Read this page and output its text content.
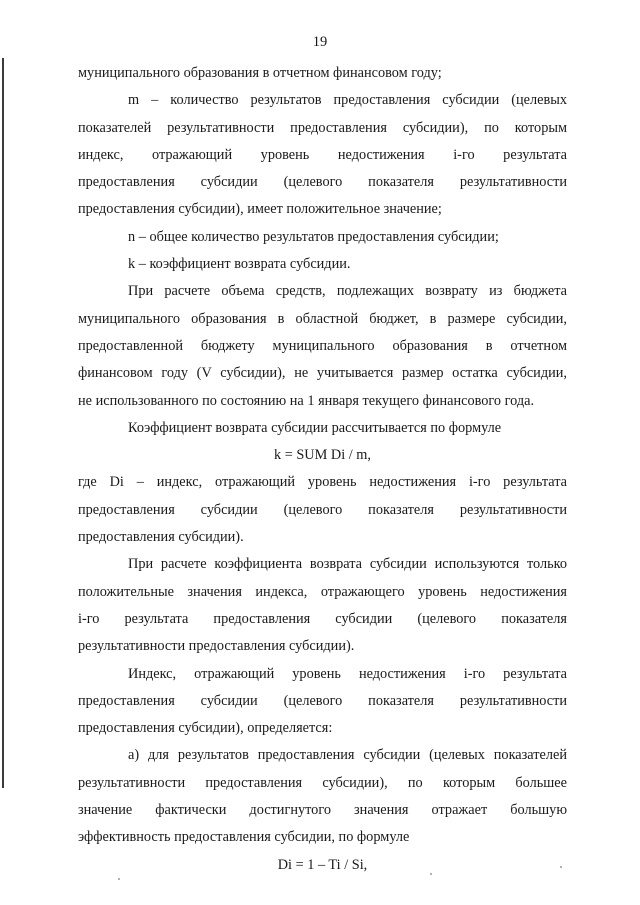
19
муниципального образования в отчетном финансовом году;
m – количество результатов предоставления субсидии (целевых
показателей результативности предоставления субсидии), по которым
индекс, отражающий уровень недостижения i-го результата
предоставления субсидии (целевого показателя результативности
предоставления субсидии), имеет положительное значение;
n – общее количество результатов предоставления субсидии;
k – коэффициент возврата субсидии.
При расчете объема средств, подлежащих возврату из бюджета
муниципального образования в областной бюджет, в размере субсидии,
предоставленной бюджету муниципального образования в отчетном
финансовом году (V субсидии), не учитывается размер остатка субсидии,
не использованного по состоянию на 1 января текущего финансового года.
Коэффициент возврата субсидии рассчитывается по формуле
k = SUM Di / m,
где Di – индекс, отражающий уровень недостижения i-го результата
предоставления субсидии (целевого показателя результативности
предоставления субсидии).
При расчете коэффициента возврата субсидии используются только
положительные значения индекса, отражающего уровень недостижения
i-го результата предоставления субсидии (целевого показателя
результативности предоставления субсидии).
Индекс, отражающий уровень недостижения i-го результата
предоставления субсидии (целевого показателя результативности
предоставления субсидии), определяется:
а) для результатов предоставления субсидии (целевых показателей
результативности предоставления субсидии), по которым большее
значение фактически достигнутого значения отражает большую
эффективность предоставления субсидии, по формуле
Di = 1 – Ti / Si,
